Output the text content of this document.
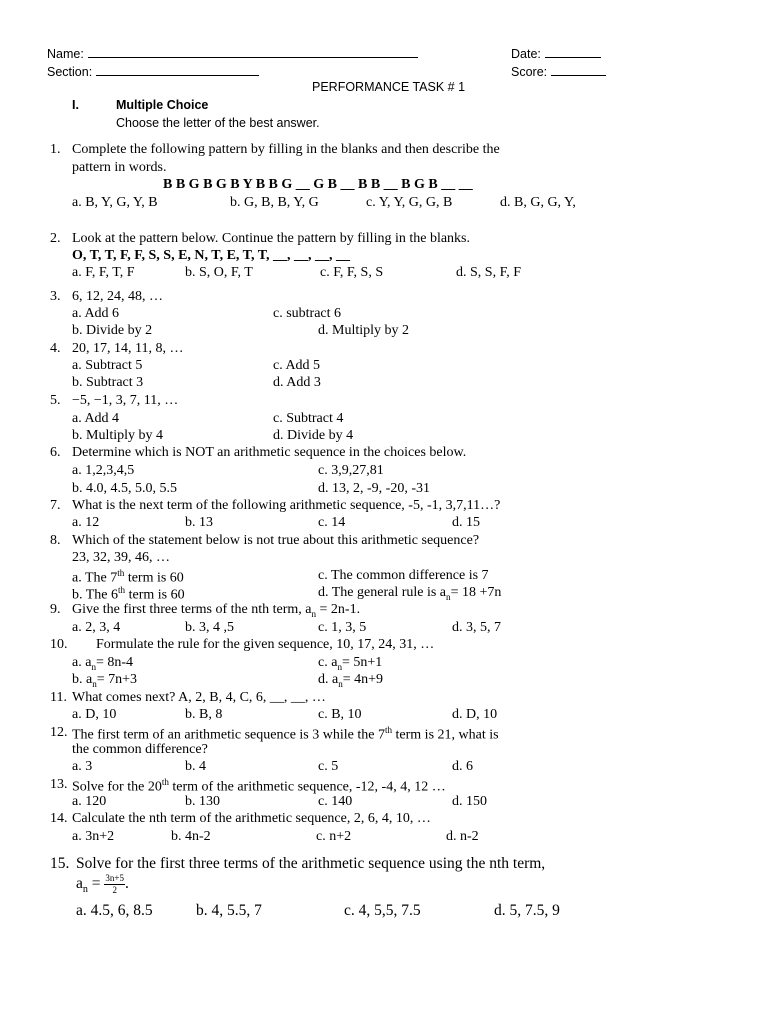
Name:	Date:
Section:	Score:
PERFORMANCE TASK # 1
I.	Multiple Choice
Choose the letter of the best answer.
1. Complete the following pattern by filling in the blanks and then describe the
pattern in words.
B B G B G B Y B B G __ G B __ B B __ B G B __ __
a. B, Y, G, Y, B	b. G, B, B, Y, G	c. Y, Y, G, G, B	d. B, G, G, Y,
2. Look at the pattern below. Continue the pattern by filling in the blanks.
O, T, T, F, F, S, S, E, N, T, E, T, T, __, __, __, __
a. F, F, T, F	b. S, O, F, T	c. F, F, S, S	d. S, S, F, F
3. 6, 12, 24, 48, …
a. Add 6	c. subtract 6
b. Divide by 2	d. Multiply by 2
4. 20, 17, 14, 11, 8, …
a. Subtract 5	c. Add 5
b. Subtract 3	d. Add 3
5. −5, −1, 3, 7, 11, …
a. Add 4	c. Subtract 4
b. Multiply by 4	d. Divide by 4
6. Determine which is NOT an arithmetic sequence in the choices below.
a. 1,2,3,4,5	c. 3,9,27,81
b. 4.0, 4.5, 5.0, 5.5	d. 13, 2, -9, -20, -31
7. What is the next term of the following arithmetic sequence, -5, -1, 3,7,11…?
a. 12	b. 13	c. 14	d. 15
8. Which of the statement below is not true about this arithmetic sequence?
23, 32, 39, 46, …
a. The 7th term is 60	c. The common difference is 7
b. The 6th term is 60	d. The general rule is $a_n= 18 +7n$
9. Give the first three terms of the nth term, $a_n = 2n-1$.
a. 2, 3, 4	b. 3, 4 ,5	c. 1, 3, 5	d. 3, 5, 7
10. Formulate the rule for the given sequence, 10, 17, 24, 31, …
a. $a_n= 8n-4$	c. $a_n= 5n+1$
b. $a_n= 7n+3$	d. $a_n= 4n+9$
11. What comes next? A, 2, B, 4, C, 6, __, __, …
a. D, 10	b. B, 8	c. B, 10	d. D, 10
12. The first term of an arithmetic sequence is 3 while the 7th term is 21, what is
the common difference?
a. 3	b. 4	c. 5	d. 6
13. Solve for the 20th term of the arithmetic sequence, -12, -4, 4, 12 …
a. 120	b. 130	c. 140	d. 150
14. Calculate the nth term of the arithmetic sequence, 2, 6, 4, 10, …
a. 3n+2	b. 4n-2	c. n+2	d. n-2
15. Solve for the first three terms of the arithmetic sequence using the nth term,
$a_n = \frac{3n+5}{2}$ .
a. 4.5, 6, 8.5	b. 4, 5.5, 7	c. 4, 5,5, 7.5	d. 5, 7.5, 9
